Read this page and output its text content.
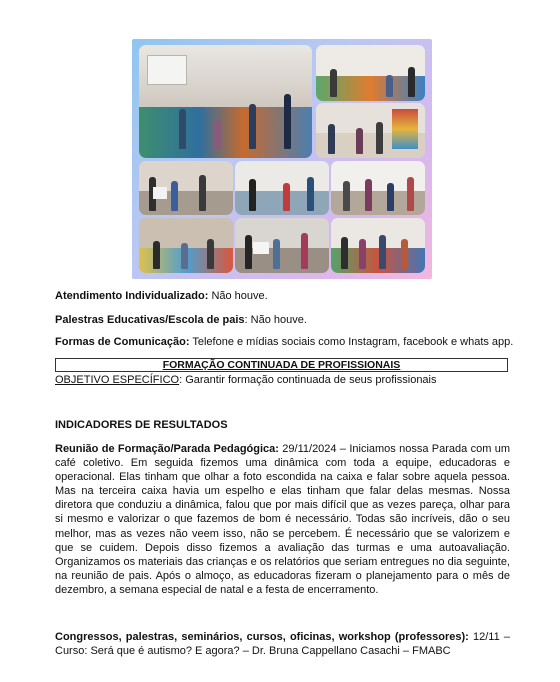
Atendimento Individualizado: Não houve.
Palestras Educativas/Escola de pais: Não houve.
Formas de Comunicação: Telefone e mídias sociais como Instagram, facebook e whats app.
FORMAÇÃO CONTINUADA DE PROFISSIONAIS
OBJETIVO ESPECÍFICO: Garantir formação continuada de seus profissionais
INDICADORES DE RESULTADOS
Reunião de Formação/Parada Pedagógica: 29/11/2024 – Iniciamos nossa Parada com um café coletivo. Em seguida fizemos uma dinâmica com toda a equipe, educadoras e operacional. Elas tinham que olhar a foto escondida na caixa e falar sobre aquela pessoa. Mas na terceira caixa havia um espelho e elas tinham que falar delas mesmas. Nossa diretora que conduziu a dinâmica, falou que por mais difícil que as vezes pareça, olhar para si mesmo e valorizar o que fazemos de bom é necessário. Todas são incríveis, dão o seu melhor, mas as vezes não veem isso, não se percebem. É necessário que se valorizem e que se cuidem. Depois disso fizemos a avaliação das turmas e uma autoavaliação. Organizamos os materiais das crianças e os relatórios que seriam entregues no dia seguinte, na reunião de pais. Após o almoço, as educadoras fizeram o planejamento para o mês de dezembro, a semana especial de natal e a festa de encerramento.
Congressos, palestras, seminários, cursos, oficinas, workshop (professores): 12/11 – Curso: Será que é autismo? E agora? – Dr. Bruna Cappellano Casachi – FMABC
